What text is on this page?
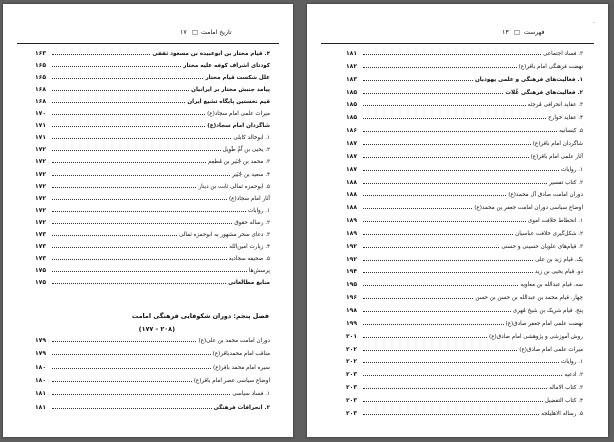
۱۷ □ تاریخ امامت
۱۶۳	۴. قیام مختار بن ابوعبیدة بن مسعود ثقفی
۱۶۵	کودتای اشراف کوفه علیه مختار
۱۶۵	علل شکست قیام مختار
۱۶۸	پیامد جنبش مختار بر ایرانیان
۱۶۸	قیم نخستین پایگاه تشیع ایران
۱۷۰	میراث علمی امام سجاد(ع)
۱۷۱	شاگردان امام سجاد(ع)
۱۷۱	۱. ابوخالد کابلی
۱۷۲	۲. یحیی بن اُمِّ طَوِیل
۱۷۲	۳. محمد بن جُبَیر بن مُطعِم
۱۷۲	۴. سعید بن جُبَیر
۱۷۲	۵. ابوحمزه ثمالی ثابت بن دینار
۱۷۲	آثار امام سجاد(ع)
۱۷۲	۱. روایات
۱۷۲	۲. رساله حقوق
۱۷۳	۳. دعای سحر مشهور به ابوحمزه ثمالی
۱۷۳	۴. زیارت امین‌الله
۱۷۳	۵. صحیفه سجادیه
۱۷۵	پرسش‌ها
۱۷۵	منابع مطالعاتی
فصل پنجم: دوران شکوفایی فرهنگی امامت
(۲۰۸ - ۱۷۷)
۱۷۹	دوران امامت محمد بن علی(ع)
۱۷۹	مناقب امام محمدباقر(ع)
۱۸۰	سیره امام محمد باقر(ع)
۱۸۰	اوضاع سیاسی عصر امام باقر(ع)
۱۸۱	۱. فساد سیاسی
۱۸۱	۲. انحرافات فرهنگی
·
۱۳ □ فهرست
۱۸۱	۳. فساد اجتماعی
۱۸۲	نهضت فرهنگی امام باقر(ع)
۱۸۳	۱. فعالیت‌های فرهنگی و علمی یهودیان
۱۸۵	۲. فعالیت‌های فرهنگی غُلات
۱۸۵	۳. عقاید انحرافی مُرجئه
۱۸۵	۴. عقاید خوارج
۱۸۶	۵. کیسانیه
۱۸۷	شاگردان امام باقر(ع)
۱۸۷	آثار علمی امام باقر(ع)
۱۸۷	۱. روایات
۱۸۸	۲. کتاب تفسیر
۱۸۸	دوران امامت صادق آل محمد(ع)
۱۸۸	اوضاع سیاسی دوران امامت جعفر بن محمد(ع)
۱۸۹	۱. انحطاط خلافت اموی
۱۸۹	۲. شکل‌گیری خلافت عباسیان
۱۹۲	۳. قیام‌های علویان حسینی و حسنی
۱۹۲	یک. قیام زید بن علی
۱۹۴	دو. قیام یحیی بن زید
۱۹۵	سه. قیام عبدالله بن معاویه
۱۹۶	چهار. قیام محمد بن عبدالله بن حسن بن حسن
۱۹۸	پنج. قیام شریک بن شیخ مُهری
۱۹۹	نهضت علمی امام جعفر صادق(ع)
۲۰۱	روش آموزشی و پژوهشی امام صادق(ع)
۲۰۲	میراث علمی امام صادق(ع)
۲۰۲	۱. روایات
۲۰۳	۲. ادعیه
۲۰۳	۳. کتاب الاماله
۲۰۳	۴. کتاب التفضیل
۲۰۳	۵. رساله الاهلیلجه
